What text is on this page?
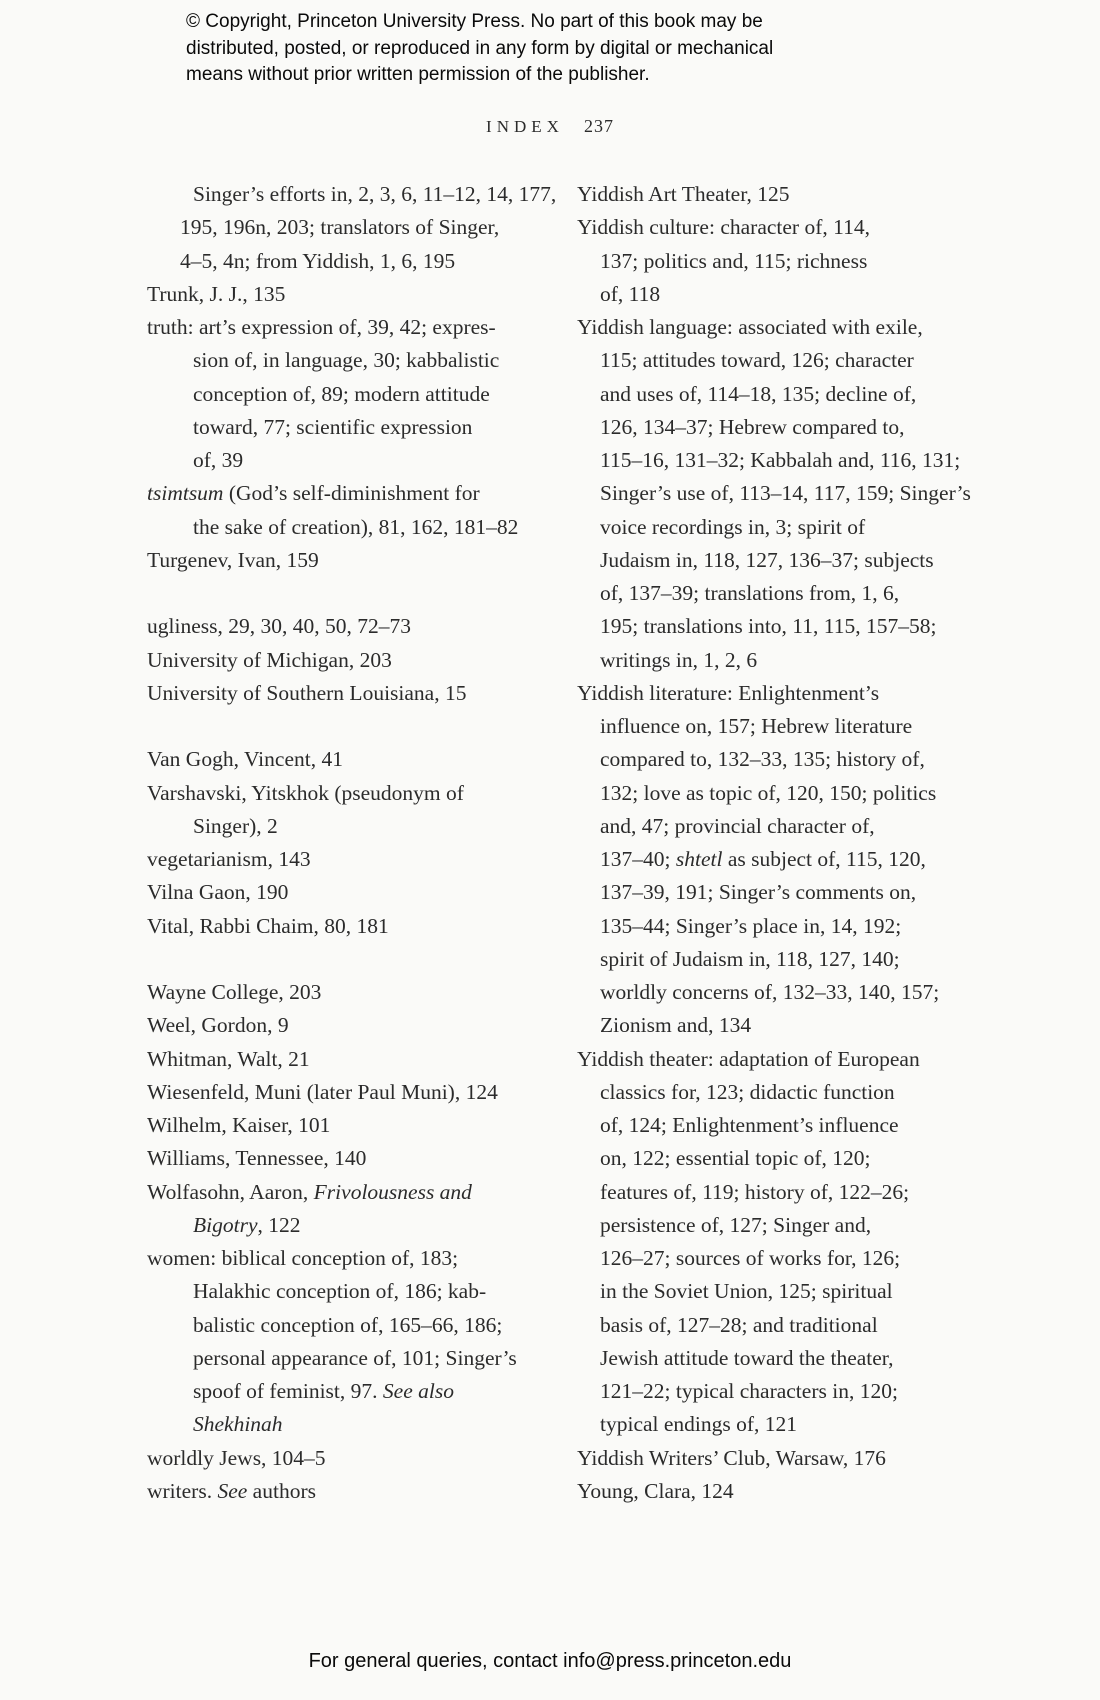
© Copyright, Princeton University Press. No part of this book may be
distributed, posted, or reproduced in any form by digital or mechanical
means without prior written permission of the publisher.
INDEX 237
Singer’s efforts in, 2, 3, 6, 11–12, 14, 177,
195, 196n, 203; translators of Singer,
4–5, 4n; from Yiddish, 1, 6, 195
Trunk, J. J., 135
truth: art’s expression of, 39, 42; expres-
sion of, in language, 30; kabbalistic
conception of, 89; modern attitude
toward, 77; scientific expression
of, 39
tsimtsum (God’s self-diminishment for
the sake of creation), 81, 162, 181–82
Turgenev, Ivan, 159
ugliness, 29, 30, 40, 50, 72–73
University of Michigan, 203
University of Southern Louisiana, 15
Van Gogh, Vincent, 41
Varshavski, Yitskhok (pseudonym of
Singer), 2
vegetarianism, 143
Vilna Gaon, 190
Vital, Rabbi Chaim, 80, 181
Wayne College, 203
Weel, Gordon, 9
Whitman, Walt, 21
Wiesenfeld, Muni (later Paul Muni), 124
Wilhelm, Kaiser, 101
Williams, Tennessee, 140
Wolfasohn, Aaron, Frivolousness and
Bigotry, 122
women: biblical conception of, 183;
Halakhic conception of, 186; kab-
balistic conception of, 165–66, 186;
personal appearance of, 101; Singer’s
spoof of feminist, 97. See also
Shekhinah
worldly Jews, 104–5
writers. See authors
Yiddish Art Theater, 125
Yiddish culture: character of, 114,
137; politics and, 115; richness
of, 118
Yiddish language: associated with exile,
115; attitudes toward, 126; character
and uses of, 114–18, 135; decline of,
126, 134–37; Hebrew compared to,
115–16, 131–32; Kabbalah and, 116, 131;
Singer’s use of, 113–14, 117, 159; Singer’s
voice recordings in, 3; spirit of
Judaism in, 118, 127, 136–37; subjects
of, 137–39; translations from, 1, 6,
195; translations into, 11, 115, 157–58;
writings in, 1, 2, 6
Yiddish literature: Enlightenment’s
influence on, 157; Hebrew literature
compared to, 132–33, 135; history of,
132; love as topic of, 120, 150; politics
and, 47; provincial character of,
137–40; shtetl as subject of, 115, 120,
137–39, 191; Singer’s comments on,
135–44; Singer’s place in, 14, 192;
spirit of Judaism in, 118, 127, 140;
worldly concerns of, 132–33, 140, 157;
Zionism and, 134
Yiddish theater: adaptation of European
classics for, 123; didactic function
of, 124; Enlightenment’s influence
on, 122; essential topic of, 120;
features of, 119; history of, 122–26;
persistence of, 127; Singer and,
126–27; sources of works for, 126;
in the Soviet Union, 125; spiritual
basis of, 127–28; and traditional
Jewish attitude toward the theater,
121–22; typical characters in, 120;
typical endings of, 121
Yiddish Writers’ Club, Warsaw, 176
Young, Clara, 124
For general queries, contact info@press.princeton.edu
